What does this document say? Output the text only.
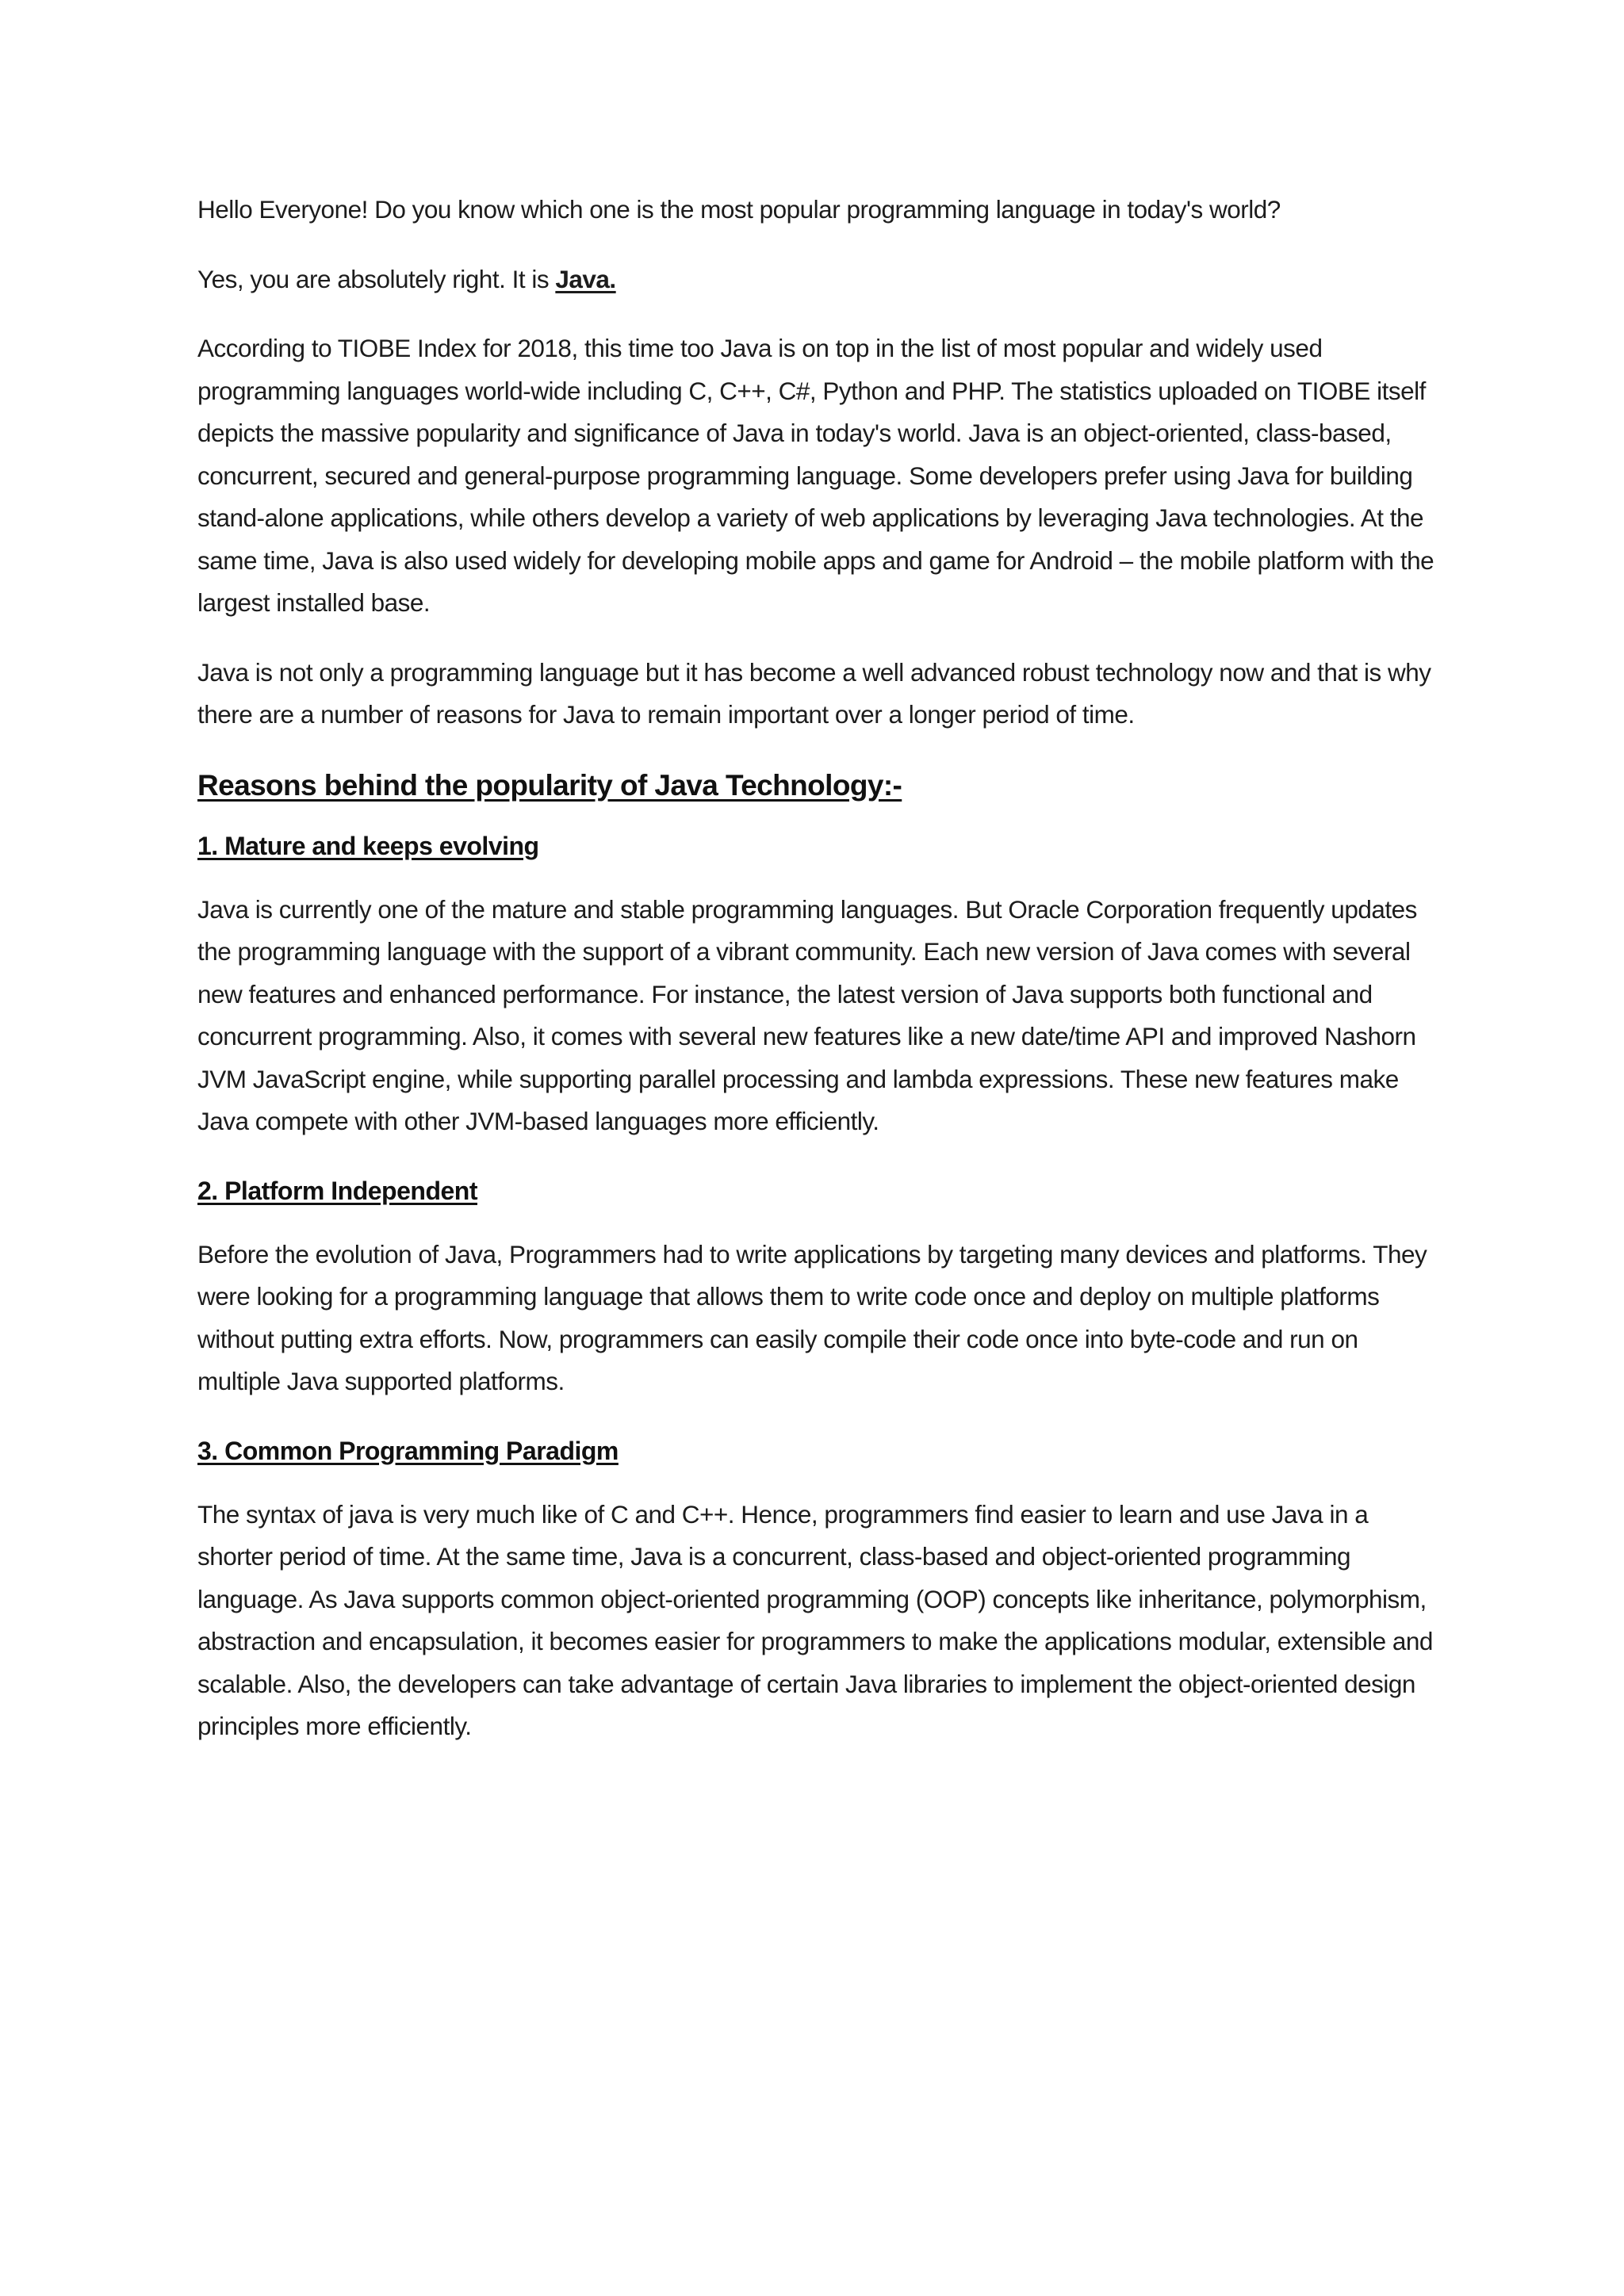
Hello Everyone! Do you know which one is the most popular programming language in today's world?

Yes, you are absolutely right. It is Java.

According to TIOBE Index for 2018, this time too Java is on top in the list of most popular and widely used programming languages world-wide including C, C++, C#, Python and PHP. The statistics uploaded on TIOBE itself depicts the massive popularity and significance of Java in today's world. Java is an object-oriented, class-based, concurrent, secured and general-purpose programming language. Some developers prefer using Java for building stand-alone applications, while others develop a variety of web applications by leveraging Java technologies. At the same time, Java is also used widely for developing mobile apps and game for Android – the mobile platform with the largest installed base.

Java is not only a programming language but it has become a well advanced robust technology now and that is why there are a number of reasons for Java to remain important over a longer period of time.

Reasons behind the popularity of Java Technology:-
1. Mature and keeps evolving

Java is currently one of the mature and stable programming languages. But Oracle Corporation frequently updates the programming language with the support of a vibrant community. Each new version of Java comes with several new features and enhanced performance. For instance, the latest version of Java supports both functional and concurrent programming. Also, it comes with several new features like a new date/time API and improved Nashorn JVM JavaScript engine, while supporting parallel processing and lambda expressions. These new features make Java compete with other JVM-based languages more efficiently.

2. Platform Independent

Before the evolution of Java, Programmers had to write applications by targeting many devices and platforms. They were looking for a programming language that allows them to write code once and deploy on multiple platforms without putting extra efforts. Now, programmers can easily compile their code once into byte-code and run on multiple Java supported platforms.

3. Common Programming Paradigm

The syntax of java is very much like of C and C++. Hence, programmers find easier to learn and use Java in a shorter period of time. At the same time, Java is a concurrent, class-based and object-oriented programming language. As Java supports common object-oriented programming (OOP) concepts like inheritance, polymorphism, abstraction and encapsulation, it becomes easier for programmers to make the applications modular, extensible and scalable. Also, the developers can take advantage of certain Java libraries to implement the object-oriented design principles more efficiently.
